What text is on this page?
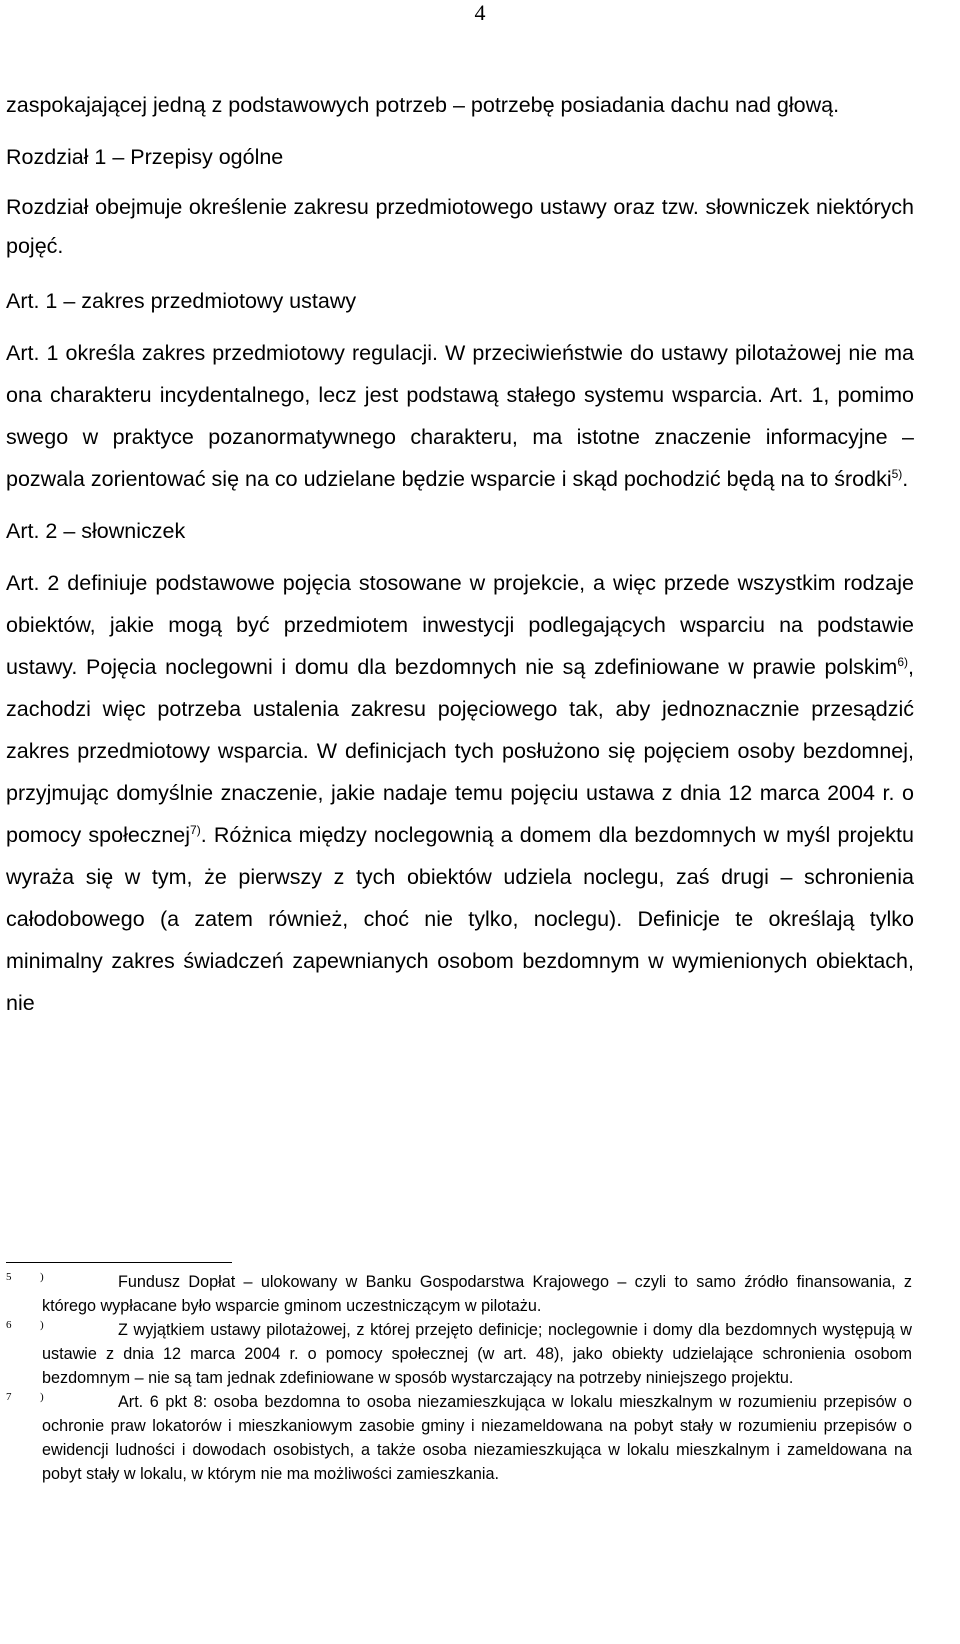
4

zaspokajającej jedną z podstawowych potrzeb – potrzebę posiadania dachu nad głową.

Rozdział 1 – Przepisy ogólne

Rozdział obejmuje określenie zakresu przedmiotowego ustawy oraz tzw. słowniczek niektórych pojęć.

Art. 1 – zakres przedmiotowy ustawy

Art. 1 określa zakres przedmiotowy regulacji. W przeciwieństwie do ustawy pilotażowej nie ma ona charakteru incydentalnego, lecz jest podstawą stałego systemu wsparcia. Art. 1, pomimo swego w praktyce pozanormatywnego charakteru, ma istotne znaczenie informacyjne – pozwala zorientować się na co udzielane będzie wsparcie i skąd pochodzić będą na to środki$^{5)}$.

Art. 2 – słowniczek

Art. 2 definiuje podstawowe pojęcia stosowane w projekcie, a więc przede wszystkim rodzaje obiektów, jakie mogą być przedmiotem inwestycji podlegających wsparciu na podstawie ustawy. Pojęcia noclegowni i domu dla bezdomnych nie są zdefiniowane w prawie polskim$^{6)}$, zachodzi więc potrzeba ustalenia zakresu pojęciowego tak, aby jednoznacznie przesądzić zakres przedmiotowy wsparcia. W definicjach tych posłużono się pojęciem osoby bezdomnej, przyjmując domyślnie znaczenie, jakie nadaje temu pojęciu ustawa z dnia 12 marca 2004 r. o pomocy społecznej$^{7)}$. Różnica między noclegownią a domem dla bezdomnych w myśl projektu wyraża się w tym, że pierwszy z tych obiektów udziela noclegu, zaś drugi – schronienia całodobowego (a zatem również, choć nie tylko, noclegu). Definicje te określają tylko minimalny zakres świadczeń zapewnianych osobom bezdomnym w wymienionych obiektach, nie

5	)	Fundusz Dopłat – ulokowany w Banku Gospodarstwa Krajowego – czyli to samo źródło finansowania, z którego wypłacane było wsparcie gminom uczestniczącym w pilotażu.

6	)	Z wyjątkiem ustawy pilotażowej, z której przejęto definicje; noclegownie i domy dla bezdomnych występują w ustawie z dnia 12 marca 2004 r. o pomocy społecznej (w art. 48), jako obiekty udzielające schronienia osobom bezdomnym – nie są tam jednak zdefiniowane w sposób wystarczający na potrzeby niniejszego projektu.

7	)	Art. 6 pkt 8: osoba bezdomna to osoba niezamieszkująca w lokalu mieszkalnym w rozumieniu przepisów o ochronie praw lokatorów i mieszkaniowym zasobie gminy i niezameldowana na pobyt stały w rozumieniu przepisów o ewidencji ludności i dowodach osobistych, a także osoba niezamieszkująca w lokalu mieszkalnym i zameldowana na pobyt stały w lokalu, w którym nie ma możliwości zamieszkania.
